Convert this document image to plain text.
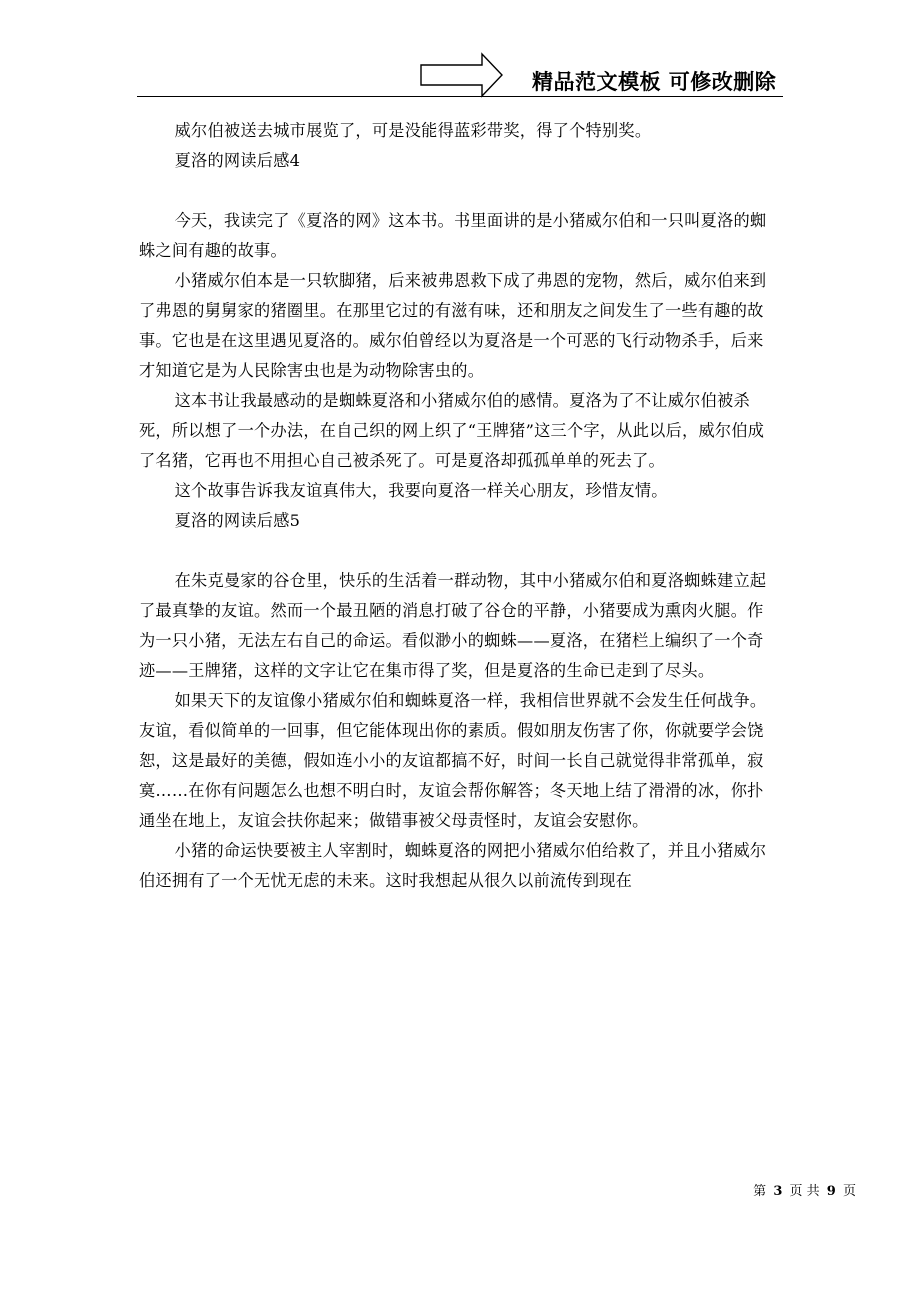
精品范文模板 可修改删除

威尔伯被送去城市展览了，可是没能得蓝彩带奖，得了个特别奖。

夏洛的网读后感4

今天，我读完了《夏洛的网》这本书。书里面讲的是小猪威尔伯和一只叫夏洛的蜘蛛之间有趣的故事。

小猪威尔伯本是一只软脚猪，后来被弗恩救下成了弗恩的宠物，然后，威尔伯来到了弗恩的舅舅家的猪圈里。在那里它过的有滋有味，还和朋友之间发生了一些有趣的故事。它也是在这里遇见夏洛的。威尔伯曾经以为夏洛是一个可恶的飞行动物杀手，后来才知道它是为人民除害虫也是为动物除害虫的。

这本书让我最感动的是蜘蛛夏洛和小猪威尔伯的感情。夏洛为了不让威尔伯被杀死，所以想了一个办法，在自己织的网上织了“王牌猪”这三个字，从此以后，威尔伯成了名猪，它再也不用担心自己被杀死了。可是夏洛却孤孤单单的死去了。

这个故事告诉我友谊真伟大，我要向夏洛一样关心朋友，珍惜友情。

夏洛的网读后感5

在朱克曼家的谷仓里，快乐的生活着一群动物，其中小猪威尔伯和夏洛蜘蛛建立起了最真挚的友谊。然而一个最丑陋的消息打破了谷仓的平静，小猪要成为熏肉火腿。作为一只小猪，无法左右自己的命运。看似渺小的蜘蛛——夏洛，在猪栏上编织了一个奇迹——王牌猪，这样的文字让它在集市得了奖，但是夏洛的生命已走到了尽头。

如果天下的友谊像小猪威尔伯和蜘蛛夏洛一样，我相信世界就不会发生任何战争。友谊，看似简单的一回事，但它能体现出你的素质。假如朋友伤害了你，你就要学会饶恕，这是最好的美德，假如连小小的友谊都搞不好，时间一长自己就觉得非常孤单，寂寞……在你有问题怎么也想不明白时，友谊会帮你解答；冬天地上结了滑滑的冰，你扑通坐在地上，友谊会扶你起来；做错事被父母责怪时，友谊会安慰你。

小猪的命运快要被主人宰割时，蜘蛛夏洛的网把小猪威尔伯给救了，并且小猪威尔伯还拥有了一个无忧无虑的未来。这时我想起从很久以前流传到现在

第 3 页 共 9 页
